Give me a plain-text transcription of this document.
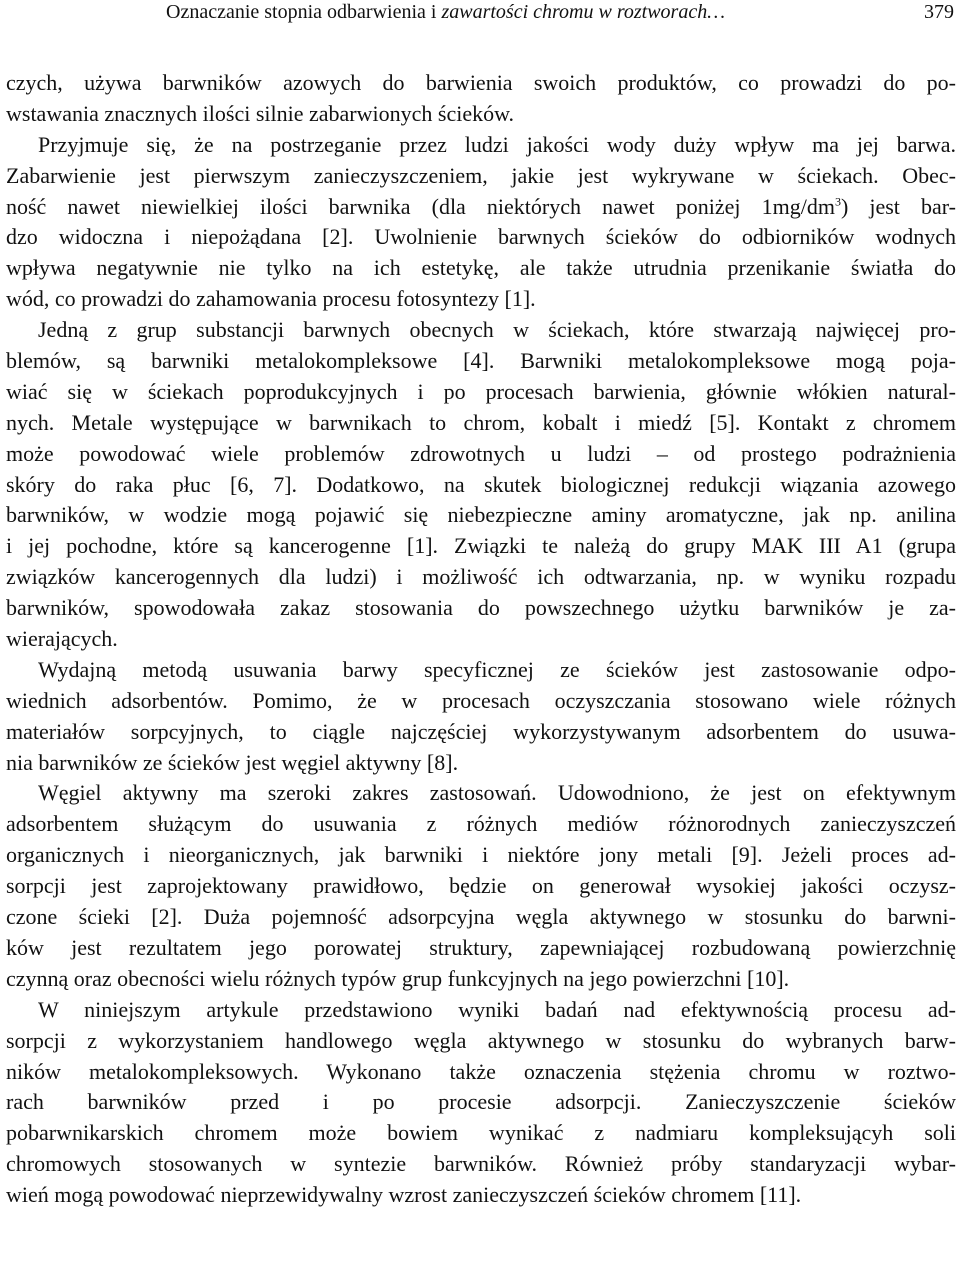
Oznaczanie stopnia odbarwienia i zawartości chromu w roztworach…	379
czych, używa barwników azowych do barwienia swoich produktów, co prowadzi do po-
wstawania znacznych ilości silnie zabarwionych ścieków.
Przyjmuje się, że na postrzeganie przez ludzi jakości wody duży wpływ ma jej barwa.
Zabarwienie jest pierwszym zanieczyszczeniem, jakie jest wykrywane w ściekach. Obec-
ność nawet niewielkiej ilości barwnika (dla niektórych nawet poniżej $1mg/dm^3$) jest bar-
dzo widoczna i niepożądana [2]. Uwolnienie barwnych ścieków do odbiorników wodnych
wpływa negatywnie nie tylko na ich estetykę, ale także utrudnia przenikanie światła do
wód, co prowadzi do zahamowania procesu fotosyntezy [1].
Jedną z grup substancji barwnych obecnych w ściekach, które stwarzają najwięcej pro-
blemów, są barwniki metalokompleksowe [4]. Barwniki metalokompleksowe mogą poja-
wiać się w ściekach poprodukcyjnych i po procesach barwienia, głównie włókien natural-
nych. Metale występujące w barwnikach to chrom, kobalt i miedź [5]. Kontakt z chromem
może powodować wiele problemów zdrowotnych u ludzi – od prostego podrażnienia
skóry do raka płuc [6, 7]. Dodatkowo, na skutek biologicznej redukcji wiązania azowego
barwników, w wodzie mogą pojawić się niebezpieczne aminy aromatyczne, jak np. anilina
i jej pochodne, które są kancerogenne [1]. Związki te należą do grupy MAK III A1 (grupa
związków kancerogennych dla ludzi) i możliwość ich odtwarzania, np. w wyniku rozpadu
barwników, spowodowała zakaz stosowania do powszechnego użytku barwników je za-
wierających.
Wydajną metodą usuwania barwy specyficznej ze ścieków jest zastosowanie odpo-
wiednich adsorbentów. Pomimo, że w procesach oczyszczania stosowano wiele różnych
materiałów sorpcyjnych, to ciągle najczęściej wykorzystywanym adsorbentem do usuwa-
nia barwników ze ścieków jest węgiel aktywny [8].
Węgiel aktywny ma szeroki zakres zastosowań. Udowodniono, że jest on efektywnym
adsorbentem służącym do usuwania z różnych mediów różnorodnych zanieczyszczeń
organicznych i nieorganicznych, jak barwniki i niektóre jony metali [9]. Jeżeli proces ad-
sorpcji jest zaprojektowany prawidłowo, będzie on generował wysokiej jakości oczysz-
czone ścieki [2]. Duża pojemność adsorpcyjna węgla aktywnego w stosunku do barwni-
ków jest rezultatem jego porowatej struktury, zapewniającej rozbudowaną powierzchnię
czynną oraz obecności wielu różnych typów grup funkcyjnych na jego powierzchni [10].
W niniejszym artykule przedstawiono wyniki badań nad efektywnością procesu ad-
sorpcji z wykorzystaniem handlowego węgla aktywnego w stosunku do wybranych barw-
ników metalokompleksowych. Wykonano także oznaczenia stężenia chromu w roztwo-
rach barwników przed i po procesie adsorpcji. Zanieczyszczenie ścieków
pobarwnikarskich chromem może bowiem wynikać z nadmiaru kompleksującyh soli
chromowych stosowanych w syntezie barwników. Również próby standaryzacji wybar-
wień mogą powodować nieprzewidywalny wzrost zanieczyszczeń ścieków chromem [11].
